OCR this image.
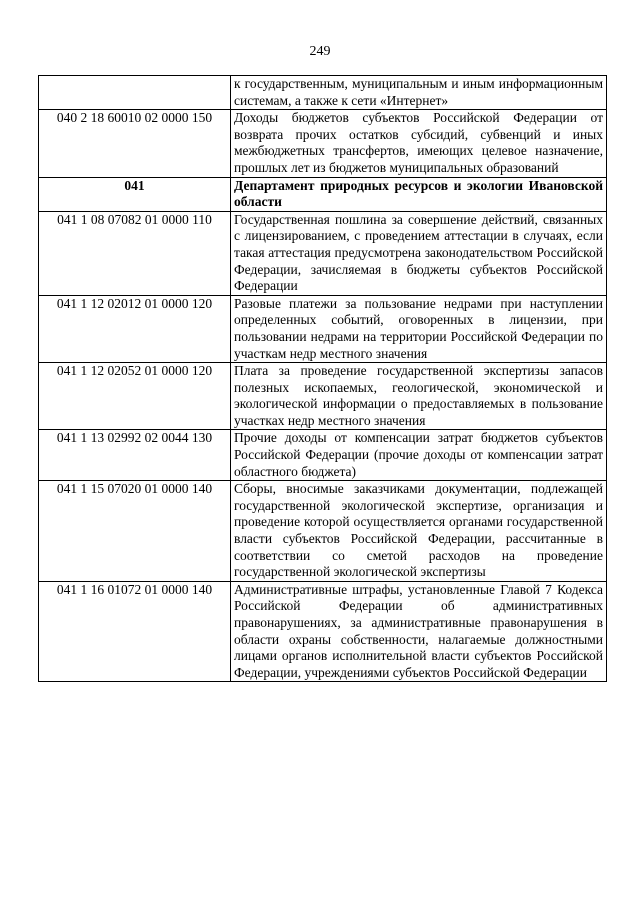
249
	к государственным, муниципальным и иным информационным системам, а также к сети «Интернет»
040 2 18 60010 02 0000 150	Доходы бюджетов субъектов Российской Федерации от возврата прочих остатков субсидий, субвенций и иных межбюджетных трансфертов, имеющих целевое назначение, прошлых лет из бюджетов муниципальных образований
041	Департамент природных ресурсов и экологии Ивановской области
041 1 08 07082 01 0000 110	Государственная пошлина за совершение действий, связанных с лицензированием, с проведением аттестации в случаях, если такая аттестация предусмотрена законодательством Российской Федерации, зачисляемая в бюджеты субъектов Российской Федерации
041 1 12 02012 01 0000 120	Разовые платежи за пользование недрами при наступлении определенных событий, оговоренных в лицензии, при пользовании недрами на территории Российской Федерации по участкам недр местного значения
041 1 12 02052 01 0000 120	Плата за проведение государственной экспертизы запасов полезных ископаемых, геологической, экономической и экологической информации о предоставляемых в пользование участках недр местного значения
041 1 13 02992 02 0044 130	Прочие доходы от компенсации затрат бюджетов субъектов Российской Федерации (прочие доходы от компенсации затрат областного бюджета)
041 1 15 07020 01 0000 140	Сборы, вносимые заказчиками документации, подлежащей государственной экологической экспертизе, организация и проведение которой осуществляется органами государственной власти субъектов Российской Федерации, рассчитанные в соответствии со сметой расходов на проведение государственной экологической экспертизы
041 1 16 01072 01 0000 140	Административные штрафы, установленные Главой 7 Кодекса Российской Федерации об административных правонарушениях, за административные правонарушения в области охраны собственности, налагаемые должностными лицами органов исполнительной власти субъектов Российской Федерации, учреждениями субъектов Российской Федерации
